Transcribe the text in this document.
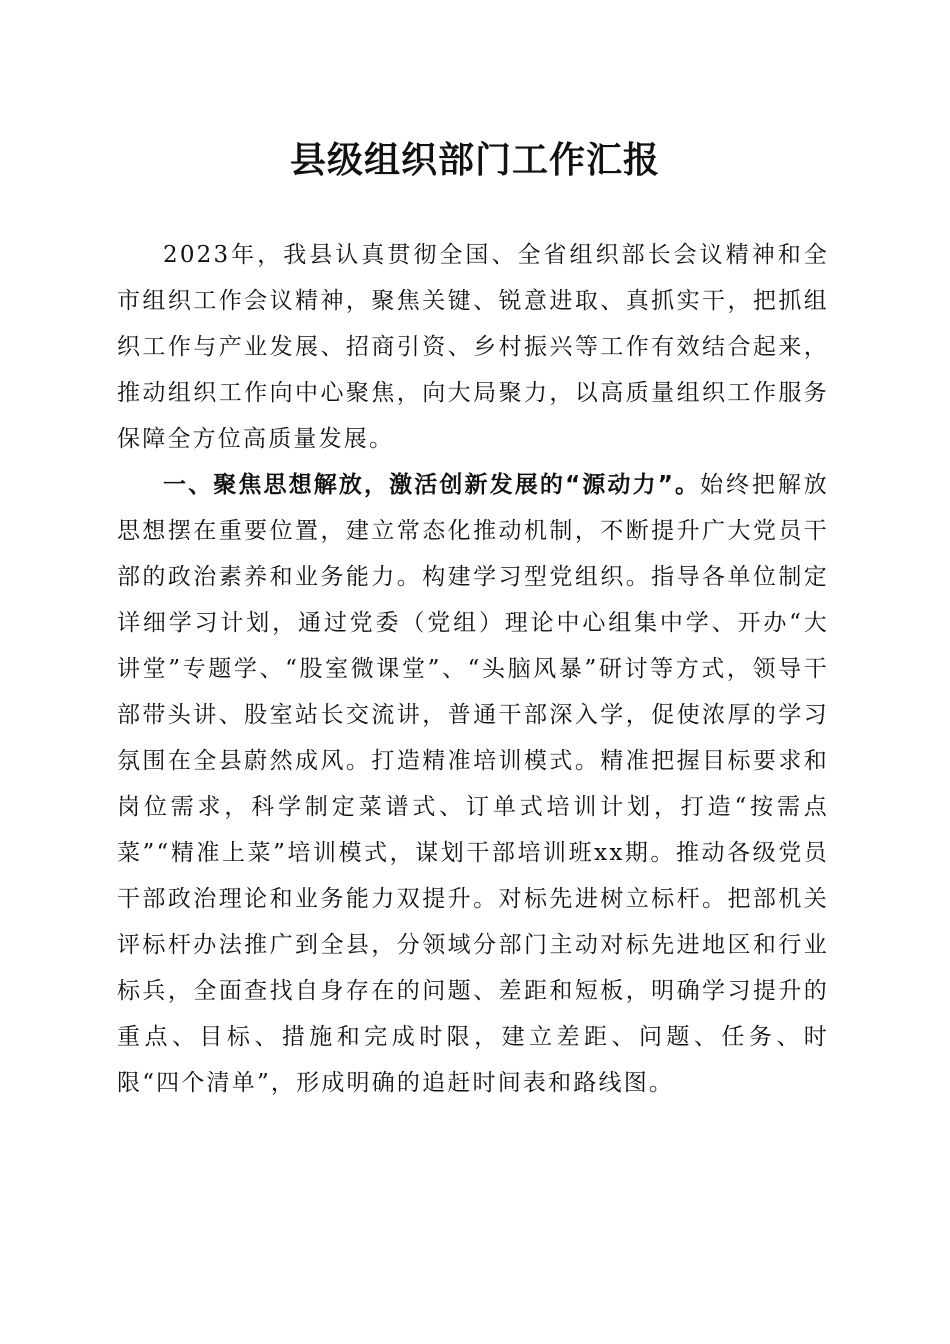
县级组织部门工作汇报

2023年，我县认真贯彻全国、全省组织部长会议精神和全市组织工作会议精神，聚焦关键、锐意进取、真抓实干，把抓组织工作与产业发展、招商引资、乡村振兴等工作有效结合起来，推动组织工作向中心聚焦，向大局聚力，以高质量组织工作服务保障全方位高质量发展。

一、聚焦思想解放，激活创新发展的“源动力”。始终把解放思想摆在重要位置，建立常态化推动机制，不断提升广大党员干部的政治素养和业务能力。构建学习型党组织。指导各单位制定详细学习计划，通过党委（党组）理论中心组集中学、开办“大讲堂”专题学、“股室微课堂”、“头脑风暴”研讨等方式，领导干部带头讲、股室站长交流讲，普通干部深入学，促使浓厚的学习氛围在全县蔚然成风。打造精准培训模式。精准把握目标要求和岗位需求，科学制定菜谱式、订单式培训计划，打造“按需点菜”“精准上菜”培训模式，谋划干部培训班xx期。推动各级党员干部政治理论和业务能力双提升。对标先进树立标杆。把部机关评标杆办法推广到全县，分领域分部门主动对标先进地区和行业标兵，全面查找自身存在的问题、差距和短板，明确学习提升的重点、目标、措施和完成时限，建立差距、问题、任务、时限“四个清单”，形成明确的追赶时间表和路线图。
